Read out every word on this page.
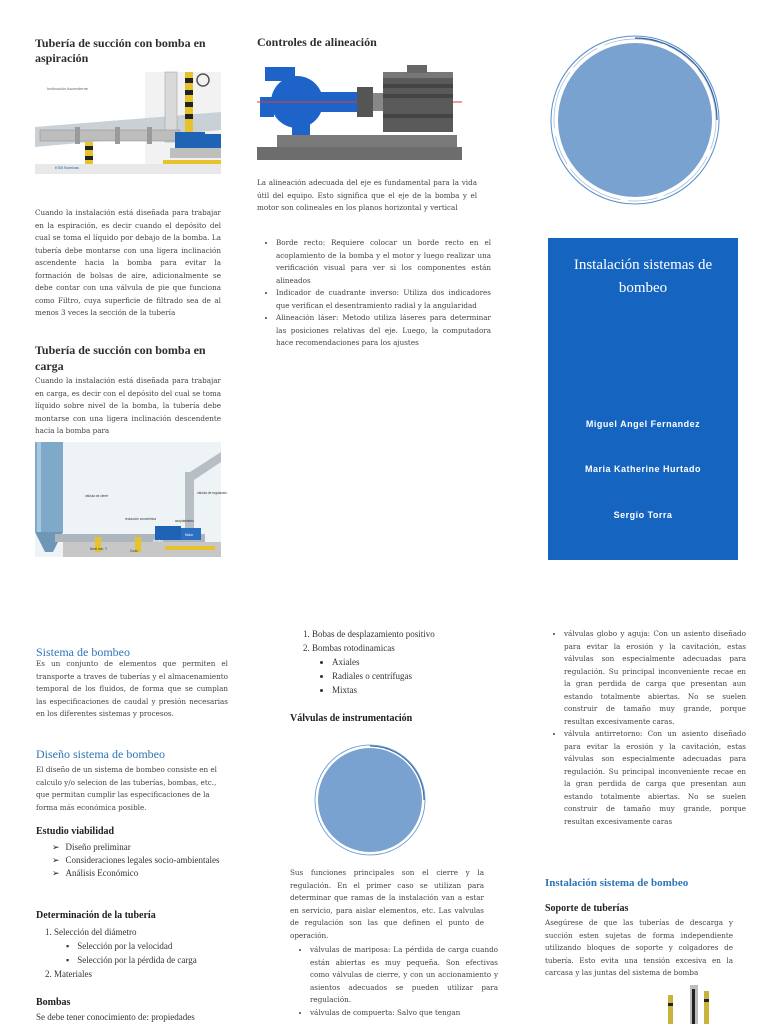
Tubería de succión con bomba en aspiración
Inclinación Ascendente
KSB Bombas

Cuando la instalación está diseñada para trabajar en la espiración, es decir cuando el depósito del cual se toma el líquido por debajo de la bomba. La tubería debe montarse con una ligera inclinación ascendente hacia la bomba para evitar la formación de bolsas de aire, adicionalmente se debe contar con una válvula de pie que funciona como Filtro, cuya superficie de filtrado sea de al menos 3 veces la sección de la tubería

Tubería de succión con bomba en carga

Cuando la instalación está diseñada para trabajar en carga, es decir con el depósito del cual se toma líquido sobre nivel de la bomba, la tubería debe montarse con una ligera inclinación descendente hacia la bomba para

válvula de cierre
reducción concéntrica
válvula de regulación
acoplamiento
Bomba
Motor
Nivel mín. Y	Codo
Controles de alineación

La alineación adecuada del eje es fundamental para la vida útil del equipo. Esto significa que el eje de la bomba y el motor son colineales en los planos horizontal y vertical

• Borde recto: Requiere colocar un borde recto en el acoplamiento de la bomba y el motor y luego realizar una verificación visual para ver si los componentes están alineados
• Indicador de cuadrante inverso: Utiliza dos indicadores que verifican el desentramiento radial y la angularidad
• Alineación láser: Metodo utiliza láseres para determinar las posiciones relativas del eje. Luego, la computadora hace recomendaciones para los ajustes
Instalación sistemas de bombeo
Miguel Angel Fernandez
Maria Katherine Hurtado
Sergio Torra
Sistema de bombeo

Es un conjunto de elementos que permiten el transporte a traves de tuberías y el almacenamiento temporal de los fluidos, de forma que se cumplan las especificaciones de caudal y presión necesarias en los diferentes sistemas y procesos.

Diseño sistema de bombeo

El diseño de un sistema de bombeo consiste en el calculo y/o selecion de las tuberías, bombas, etc., que permitan cumplir las especificaciones de la forma más económica posible.

Estudio viabilidad

➢ Diseño preliminar
➢ Consideraciones legales socio-ambientales
➢ Análisis Económico

Determinación de la tubería

1. Selección del diámetro
▪ Selección por la velocidad
▪ Selección por la pérdida de carga
2. Materiales

Bombas

Se debe tener conocimiento de: propiedades

1. Bobas de desplazamiento positivo
2. Bombas rotodinamicas
• Axiales
• Radiales o centrífugas
• Mixtas

Válvulas de instrumentación

Sus funciones principales son el cierre y la regulación. En el primer caso se utilizan para determinar que ramas de la instalación van a estar en servicio, para aislar elementos, etc. Las valvulas de regulación son las que definen el punto de operación.

• válvulas de mariposa: La pérdida de carga cuando están abiertas es muy pequeña. Son efectivas como válvulas de cierre, y con un accionamiento y asientos adecuados se pueden utilizar para regulación.
• válvulas de compuerta: Salvo que tengan
• válvulas globo y aguja: Con un asiento diseñado para evitar la erosión y la cavitación, estas válvulas son especialmente adecuadas para regulación. Su principal inconveniente recae en la gran perdida de carga que presentan aun estando totalmente abiertas. No se suelen construir de tamaño muy grande, porque resultan excesivamente caras.
• válvula antirretorno: Con un asiento diseñado para evitar la erosión y la cavitación, estas válvulas son especialmente adecuadas para regulación. Su principal inconveniente recae en la gran perdida de carga que presentan aun estando totalmente abiertas. No se suelen construir de tamaño muy grande, porque resultan excesivamente caras
Instalación sistema de bombeo

Soporte de tuberías

Asegúrese de que las tuberías de descarga y succión esten sujetas de forma independiente utilizando bloques de soporte y colgadores de tubería. Esto evita una tensión excesiva en la carcasa y las juntas del sistema de bomba
